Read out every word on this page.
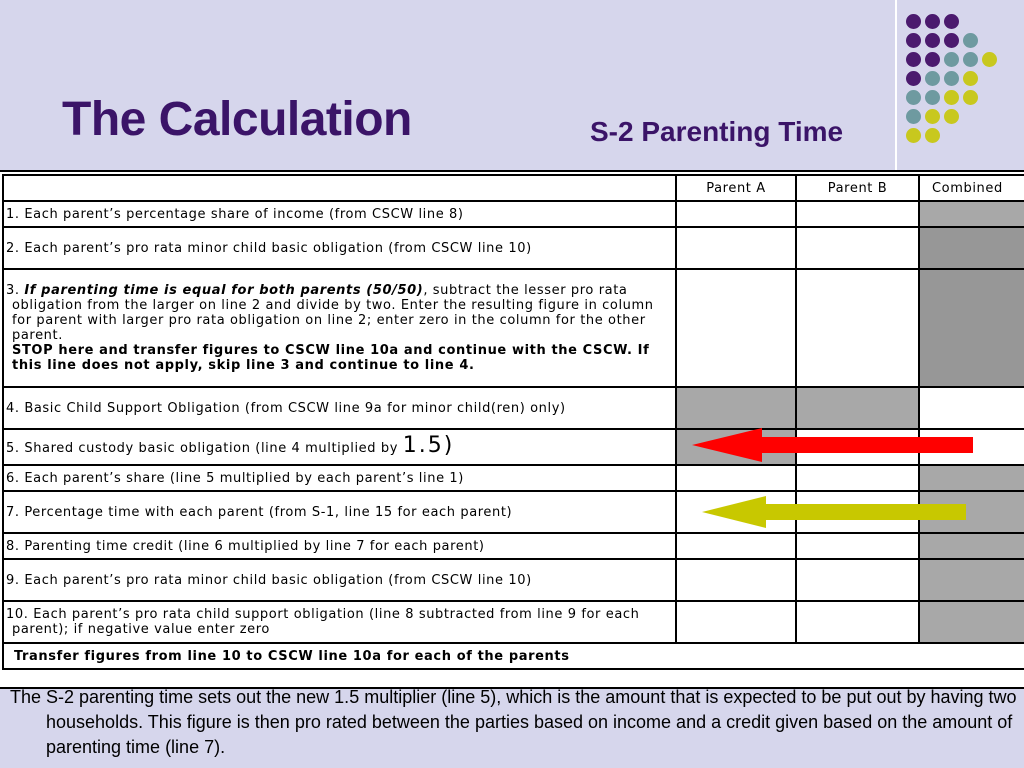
The Calculation	S-2 Parenting Time
	Parent A	Parent B	Combined
1. Each parent’s percentage share of income (from CSCW line 8)			

2. Each parent’s pro rata minor child basic obligation (from CSCW line 10)			

3. If parenting time is equal for both parents (50/50), subtract the lesser pro rata obligation from the larger on line 2 and divide by two. Enter the resulting figure in column for parent with larger pro rata obligation on line 2; enter zero in the column for the other parent.
STOP here and transfer figures to CSCW line 10a and continue with the CSCW. If this line does not apply, skip line 3 and continue to line 4.			

4. Basic Child Support Obligation (from CSCW line 9a for minor child(ren) only)			

5. Shared custody basic obligation (line 4 multiplied by 1.5)			
6. Each parent’s share (line 5 multiplied by each parent’s line 1)			

7. Percentage time with each parent (from S-1, line 15 for each parent)			

8. Parenting time credit (line 6 multiplied by line 7 for each parent)			

9. Each parent’s pro rata minor child basic obligation (from CSCW line 10)			

10. Each parent’s pro rata child support obligation (line 8 subtracted from line 9 for each parent); if negative value enter zero			

Transfer figures from line 10 to CSCW line 10a for each of the parents			

The S-2 parenting time sets out the new 1.5 multiplier (line 5), which is the amount that is expected to be put out by having two households. This figure is then pro rated between the parties based on income and a credit given based on the amount of parenting time (line 7).
